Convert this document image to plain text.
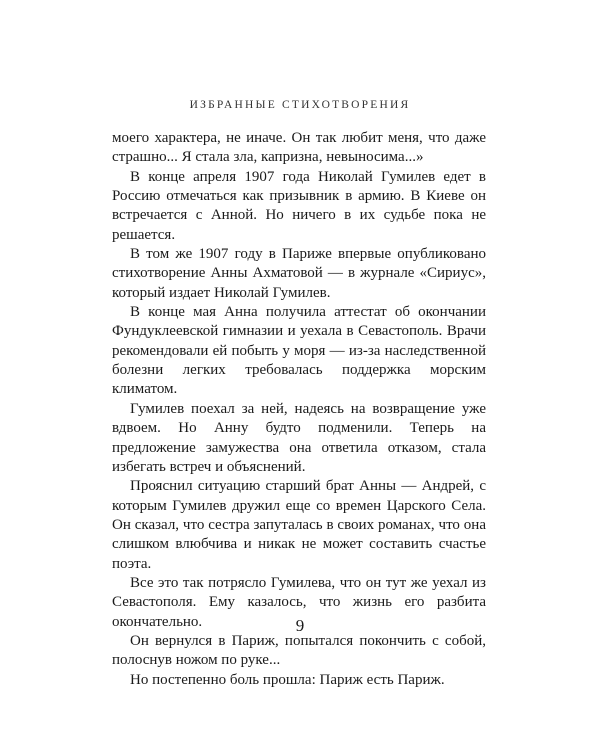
ИЗБРАННЫЕ СТИХОТВОРЕНИЯ

моего характера, не иначе. Он так любит меня, что даже страшно... Я стала зла, капризна, невыносима...»

В конце апреля 1907 года Николай Гумилев едет в Россию отмечаться как призывник в армию. В Киеве он встречается с Анной. Но ничего в их судьбе пока не решается.

В том же 1907 году в Париже впервые опубликовано стихотворение Анны Ахматовой — в журнале «Сириус», который издает Николай Гумилев.

В конце мая Анна получила аттестат об окончании Фундуклеевской гимназии и уехала в Севастополь. Врачи рекомендовали ей побыть у моря — из-за наследственной болезни легких требовалась поддержка морским климатом.

Гумилев поехал за ней, надеясь на возвращение уже вдвоем. Но Анну будто подменили. Теперь на предложение замужества она ответила отказом, стала избегать встреч и объяснений.

Прояснил ситуацию старший брат Анны — Андрей, с которым Гумилев дружил еще со времен Царского Села. Он сказал, что сестра запуталась в своих романах, что она слишком влюбчива и никак не может составить счастье поэта.

Все это так потрясло Гумилева, что он тут же уехал из Севастополя. Ему казалось, что жизнь его разбита окончательно.

Он вернулся в Париж, попытался покончить с собой, полоснув ножом по руке...

Но постепенно боль прошла: Париж есть Париж.

9
